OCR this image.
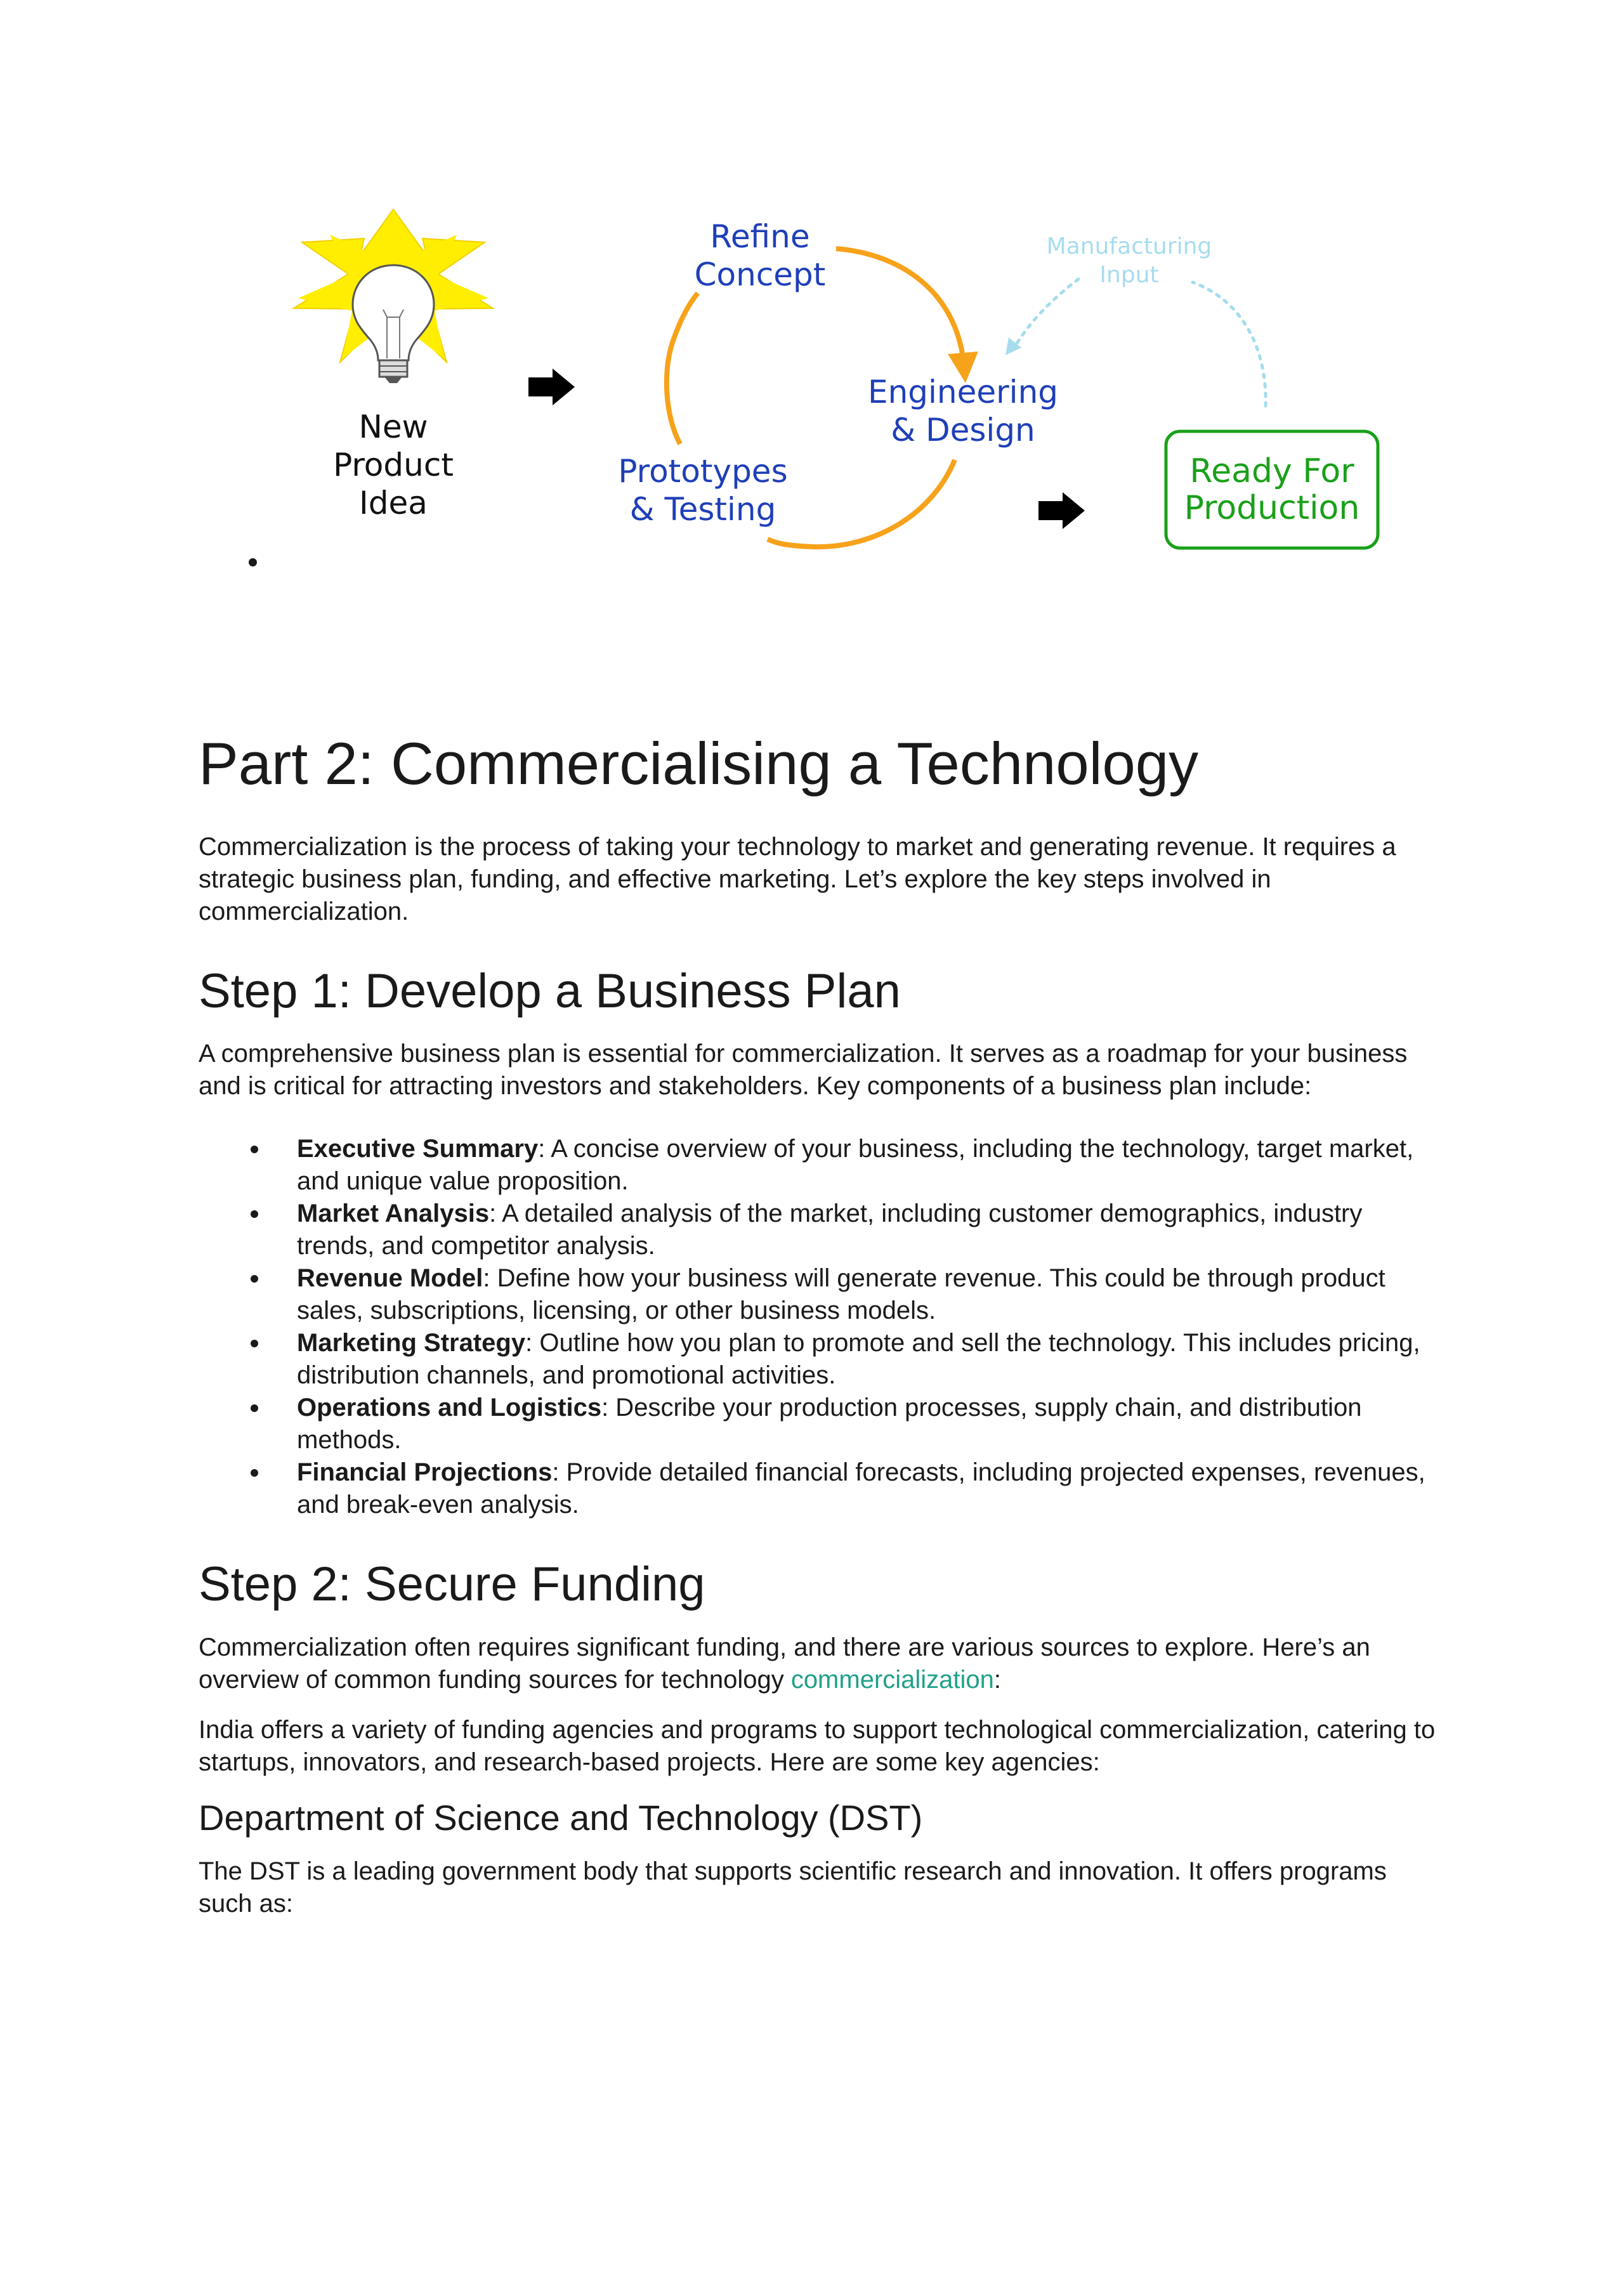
New
Product
Idea
Refine
Concept
Engineering
& Design
Prototypes
& Testing
Manufacturing
Input
Ready For
Production
Part 2: Commercialising a Technology

Commercialization is the process of taking your technology to market and generating revenue. It requires a strategic business plan, funding, and effective marketing. Let’s explore the key steps involved in commercialization.

Step 1: Develop a Business Plan

A comprehensive business plan is essential for commercialization. It serves as a roadmap for your business and is critical for attracting investors and stakeholders. Key components of a business plan include:

Executive Summary: A concise overview of your business, including the technology, target market, and unique value proposition.
Market Analysis: A detailed analysis of the market, including customer demographics, industry trends, and competitor analysis.
Revenue Model: Define how your business will generate revenue. This could be through product sales, subscriptions, licensing, or other business models.
Marketing Strategy: Outline how you plan to promote and sell the technology. This includes pricing, distribution channels, and promotional activities.
Operations and Logistics: Describe your production processes, supply chain, and distribution methods.
Financial Projections: Provide detailed financial forecasts, including projected expenses, revenues, and break-even analysis.
Step 2: Secure Funding

Commercialization often requires significant funding, and there are various sources to explore. Here’s an overview of common funding sources for technology commercialization:

India offers a variety of funding agencies and programs to support technological commercialization, catering to startups, innovators, and research-based projects. Here are some key agencies:

Department of Science and Technology (DST)

The DST is a leading government body that supports scientific research and innovation. It offers programs such as:
